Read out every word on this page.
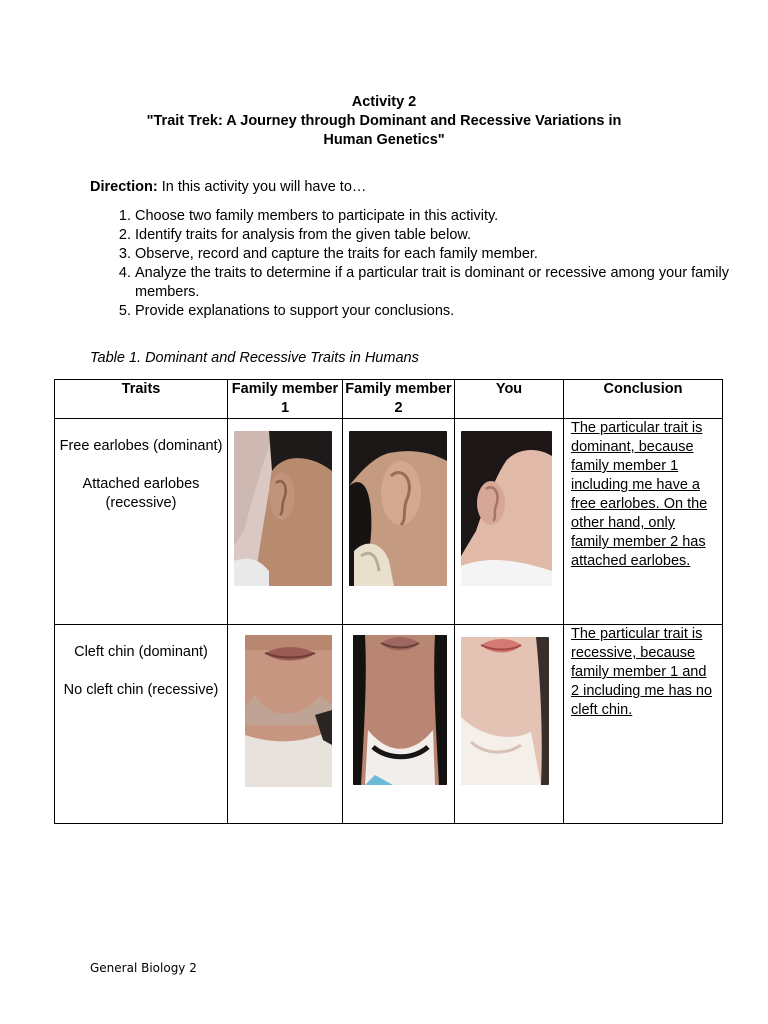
Activity 2
"Trait Trek: A Journey through Dominant and Recessive Variations in
Human Genetics"
Direction: In this activity you will have to…
1. Choose two family members to participate in this activity.
2. Identify traits for analysis from the given table below.
3. Observe, record and capture the traits for each family member.
4. Analyze the traits to determine if a particular trait is dominant or recessive among your family members.
5. Provide explanations to support your conclusions.
Table 1. Dominant and Recessive Traits in Humans
Traits	Family member 1	Family member 2	You	Conclusion

Free earlobes (dominant)

Attached earlobes (recessive)				The particular trait is dominant, because family member 1 including me have a free earlobes. On the other hand, only family member 2 has attached earlobes.

Cleft chin (dominant)

No cleft chin (recessive)				The particular trait is recessive, because family member 1 and 2 including me has no cleft chin.
General Biology 2
